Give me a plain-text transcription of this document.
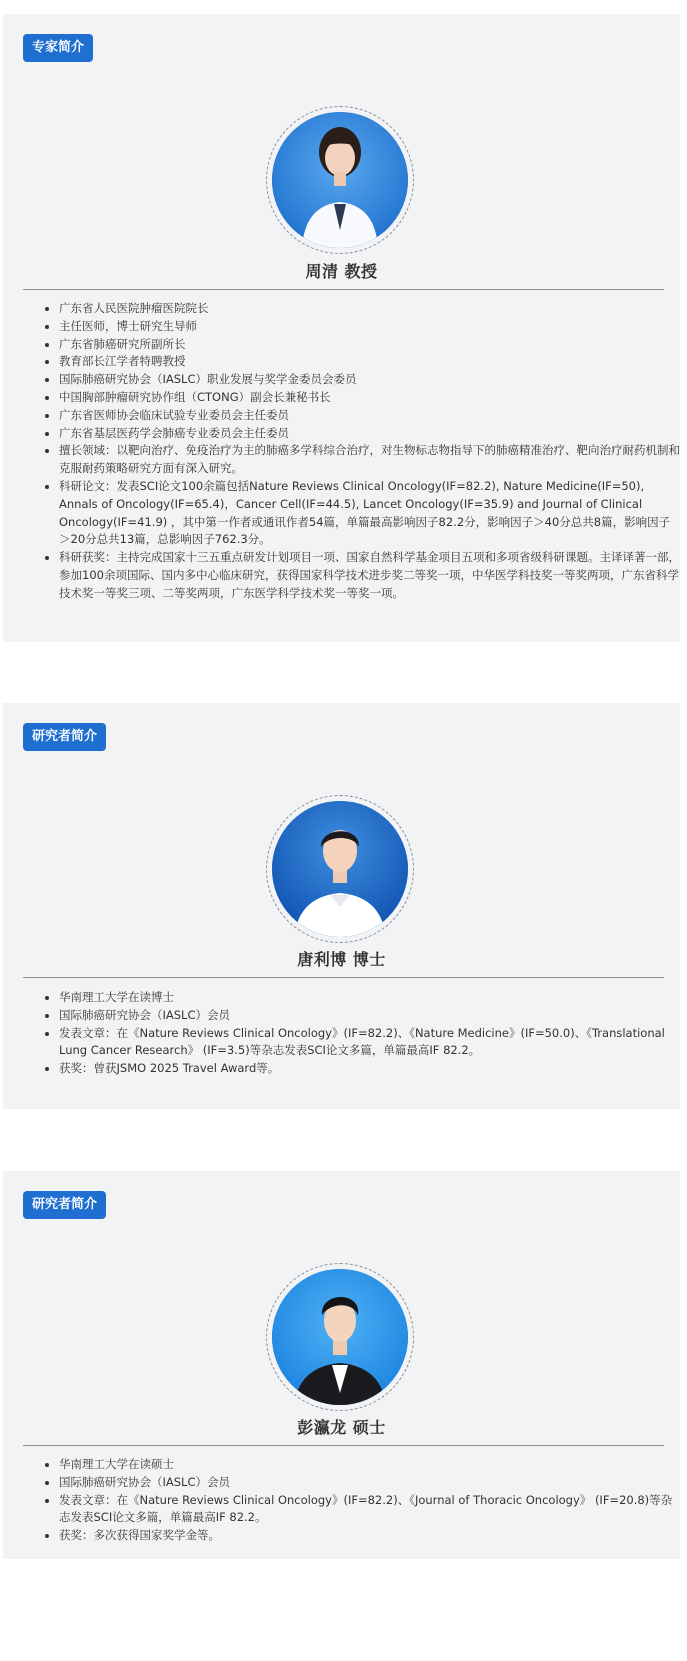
专家简介
周清 教授
• 广东省人民医院肿瘤医院院长
• 主任医师，博士研究生导师
• 广东省肺癌研究所副所长
• 教育部长江学者特聘教授
• 国际肺癌研究协会（IASLC）职业发展与奖学金委员会委员
• 中国胸部肿瘤研究协作组（CTONG）副会长兼秘书长
• 广东省医师协会临床试验专业委员会主任委员
• 广东省基层医药学会肺癌专业委员会主任委员
• 擅长领域：以靶向治疗、免疫治疗为主的肺癌多学科综合治疗，对生物标志物指导下的肺癌精准治疗、靶向治疗耐药机制和克服耐药策略研究方面有深入研究。
• 科研论文：发表SCI论文100余篇包括Nature Reviews Clinical Oncology(IF=82.2), Nature Medicine(IF=50), Annals of Oncology(IF=65.4)，Cancer Cell(IF=44.5), Lancet Oncology(IF=35.9) and Journal of Clinical Oncology(IF=41.9) ，其中第一作者或通讯作者54篇，单篇最高影响因子82.2分，影响因子＞40分总共8篇，影响因子＞20分总共13篇，总影响因子762.3分。
• 科研获奖：主持完成国家十三五重点研发计划项目一项、国家自然科学基金项目五项和多项省级科研课题。主译译著一部，参加100余项国际、国内多中心临床研究，获得国家科学技术进步奖二等奖一项，中华医学科技奖一等奖两项，广东省科学技术奖一等奖三项、二等奖两项，广东医学科学技术奖一等奖一项。
研究者简介
唐利博 博士
• 华南理工大学在读博士
• 国际肺癌研究协会（IASLC）会员
• 发表文章：在《Nature Reviews Clinical Oncology》(IF=82.2)、《Nature Medicine》(IF=50.0)、《Translational Lung Cancer Research》 (IF=3.5)等杂志发表SCI论文多篇，单篇最高IF 82.2。
• 获奖：曾获JSMO 2025 Travel Award等。
研究者简介
彭瀛龙 硕士
• 华南理工大学在读硕士
• 国际肺癌研究协会（IASLC）会员
• 发表文章：在《Nature Reviews Clinical Oncology》(IF=82.2)、《Journal of Thoracic Oncology》 (IF=20.8)等杂志发表SCI论文多篇，单篇最高IF 82.2。
• 获奖：多次获得国家奖学金等。
